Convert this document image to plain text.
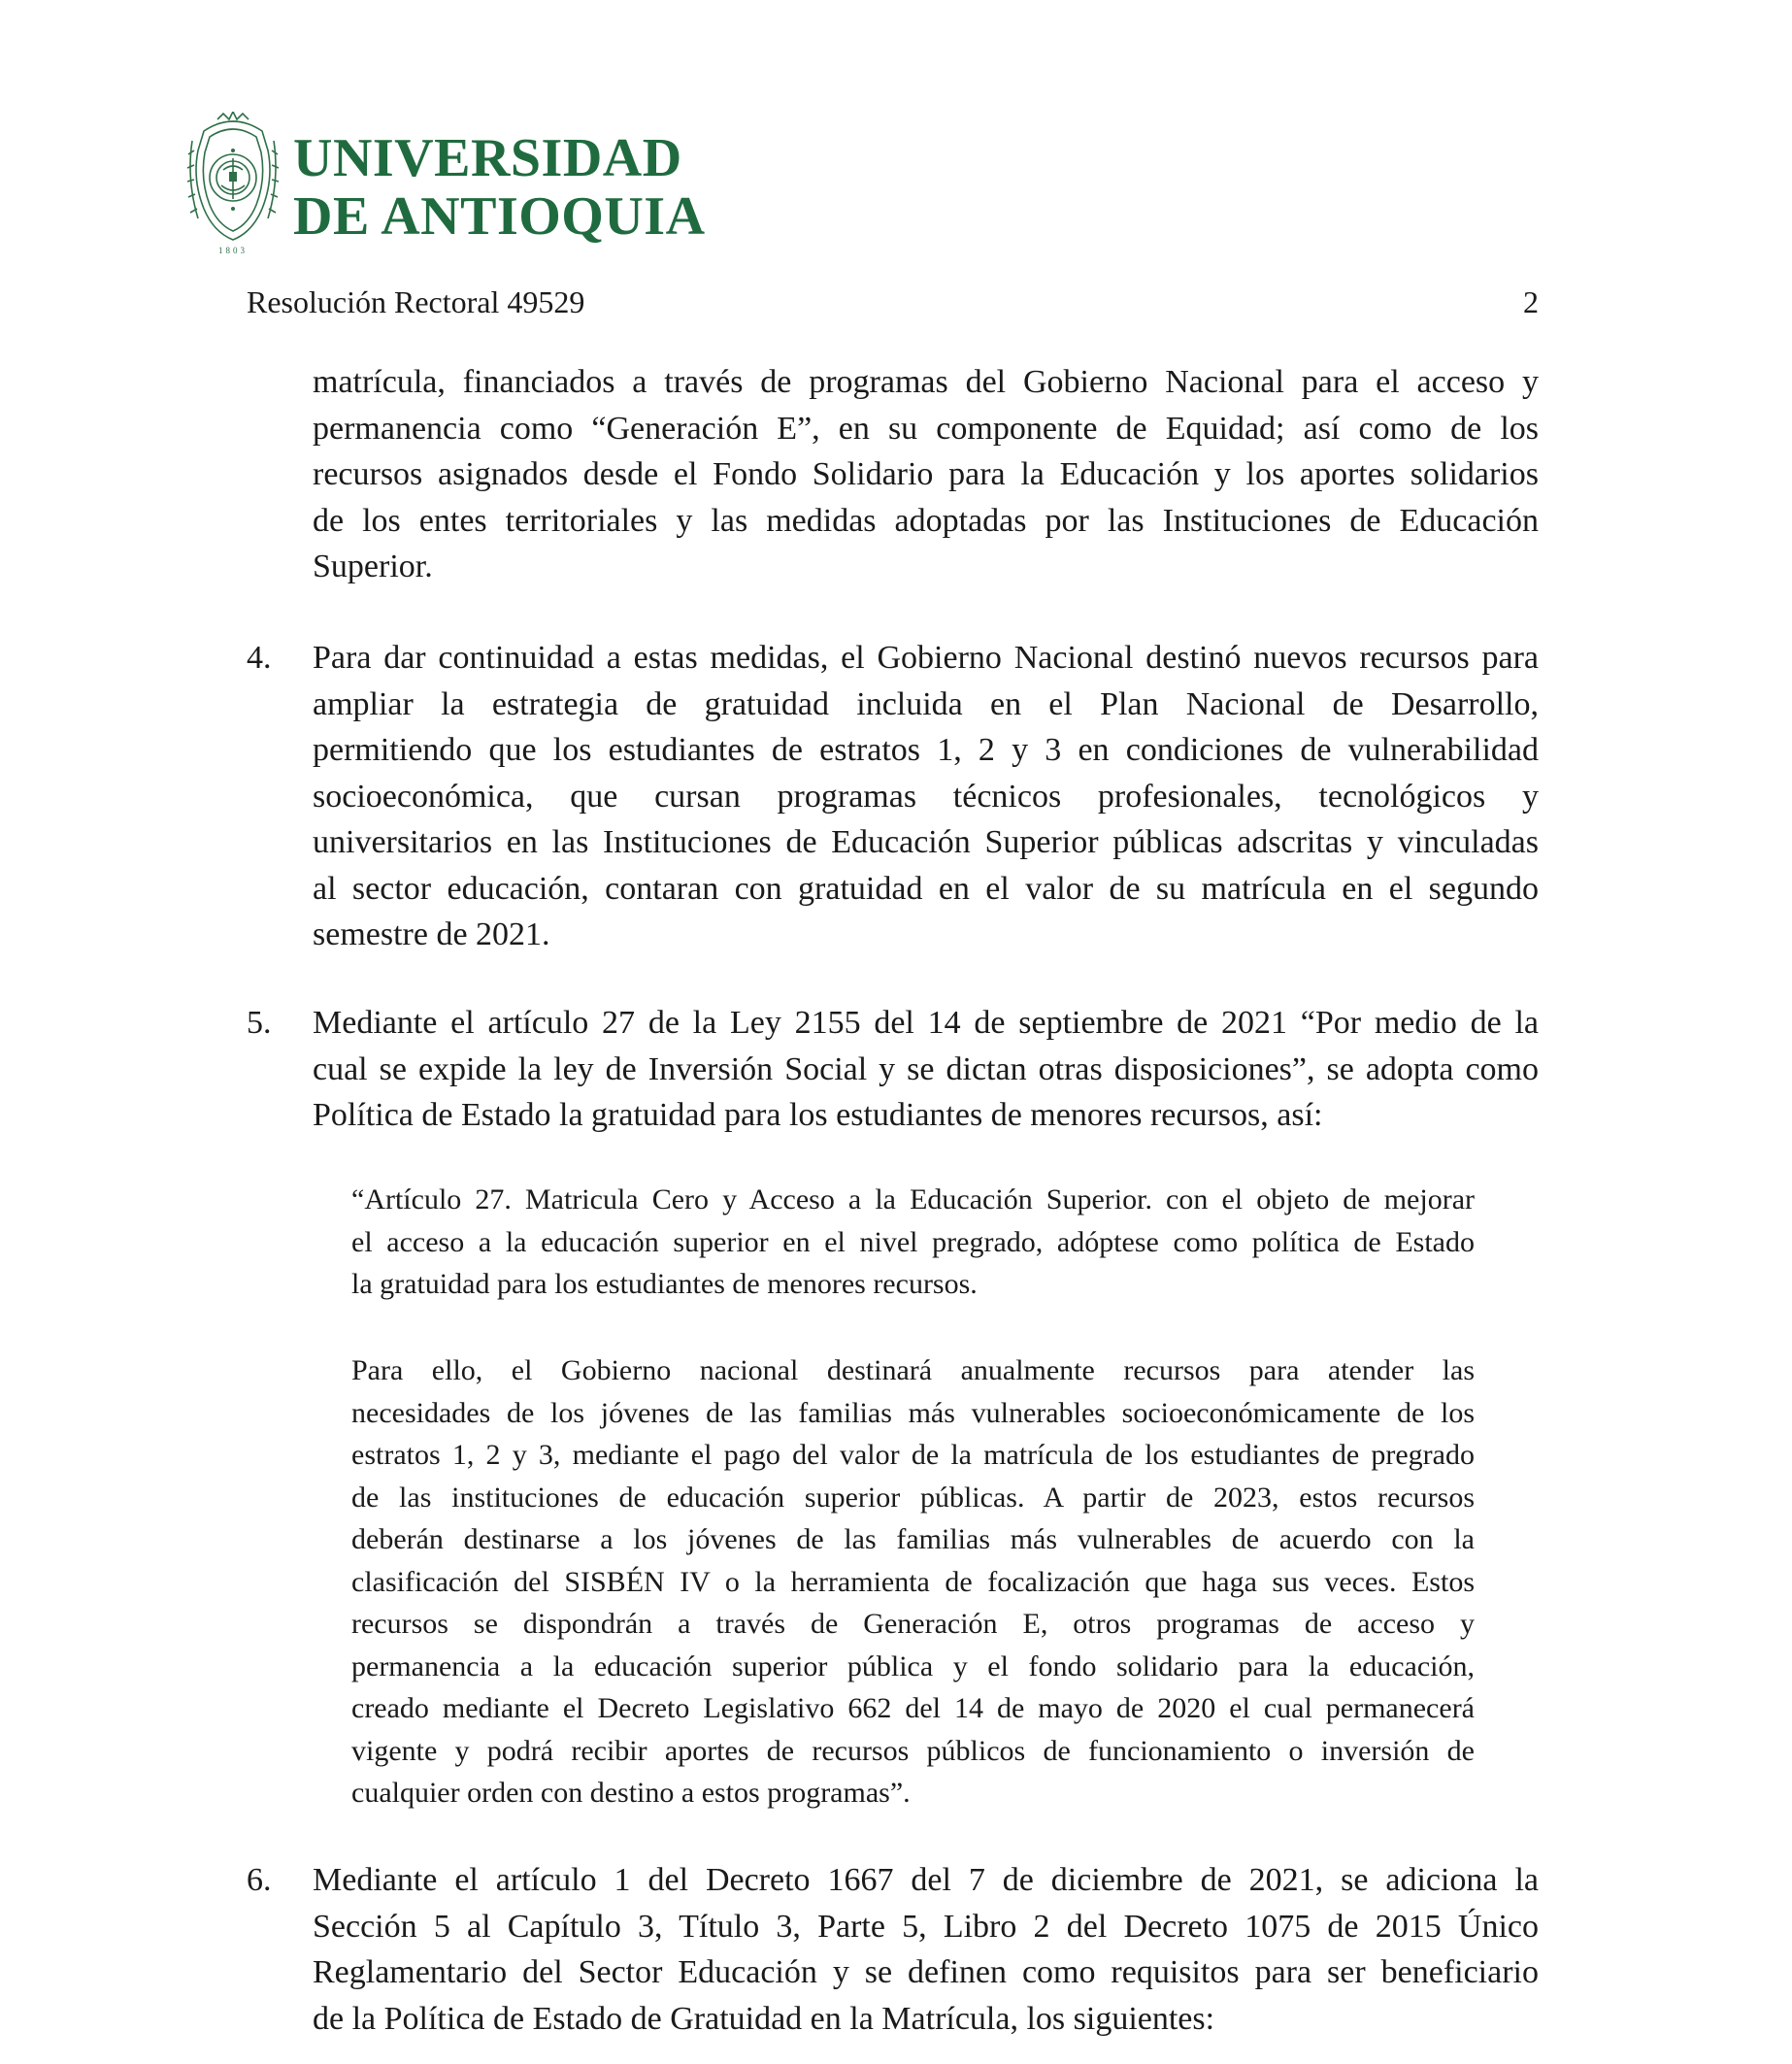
1803
UNIVERSIDAD
DE ANTIOQUIA
Resolución Rectoral 49529	2
matrícula, financiados a través de programas del Gobierno Nacional para el acceso y
permanencia como “Generación E”, en su componente de Equidad; así como de los
recursos asignados desde el Fondo Solidario para la Educación y los aportes solidarios
de los entes territoriales y las medidas adoptadas por las Instituciones de Educación
Superior.
4. Para dar continuidad a estas medidas, el Gobierno Nacional destinó nuevos recursos para
ampliar la estrategia de gratuidad incluida en el Plan Nacional de Desarrollo,
permitiendo que los estudiantes de estratos 1, 2 y 3 en condiciones de vulnerabilidad
socioeconómica, que cursan programas técnicos profesionales, tecnológicos y
universitarios en las Instituciones de Educación Superior públicas adscritas y vinculadas
al sector educación, contaran con gratuidad en el valor de su matrícula en el segundo
semestre de 2021.
5. Mediante el artículo 27 de la Ley 2155 del 14 de septiembre de 2021 “Por medio de la
cual se expide la ley de Inversión Social y se dictan otras disposiciones”, se adopta como
Política de Estado la gratuidad para los estudiantes de menores recursos, así:
“Artículo 27. Matricula Cero y Acceso a la Educación Superior. con el objeto de mejorar
el acceso a la educación superior en el nivel pregrado, adóptese como política de Estado
la gratuidad para los estudiantes de menores recursos.
Para ello, el Gobierno nacional destinará anualmente recursos para atender las
necesidades de los jóvenes de las familias más vulnerables socioeconómicamente de los
estratos 1, 2 y 3, mediante el pago del valor de la matrícula de los estudiantes de pregrado
de las instituciones de educación superior públicas. A partir de 2023, estos recursos
deberán destinarse a los jóvenes de las familias más vulnerables de acuerdo con la
clasificación del SISBÉN IV o la herramienta de focalización que haga sus veces. Estos
recursos se dispondrán a través de Generación E, otros programas de acceso y
permanencia a la educación superior pública y el fondo solidario para la educación,
creado mediante el Decreto Legislativo 662 del 14 de mayo de 2020 el cual permanecerá
vigente y podrá recibir aportes de recursos públicos de funcionamiento o inversión de
cualquier orden con destino a estos programas”.
6. Mediante el artículo 1 del Decreto 1667 del 7 de diciembre de 2021, se adiciona la
Sección 5 al Capítulo 3, Título 3, Parte 5, Libro 2 del Decreto 1075 de 2015 Único
Reglamentario del Sector Educación y se definen como requisitos para ser beneficiario
de la Política de Estado de Gratuidad en la Matrícula, los siguientes:
